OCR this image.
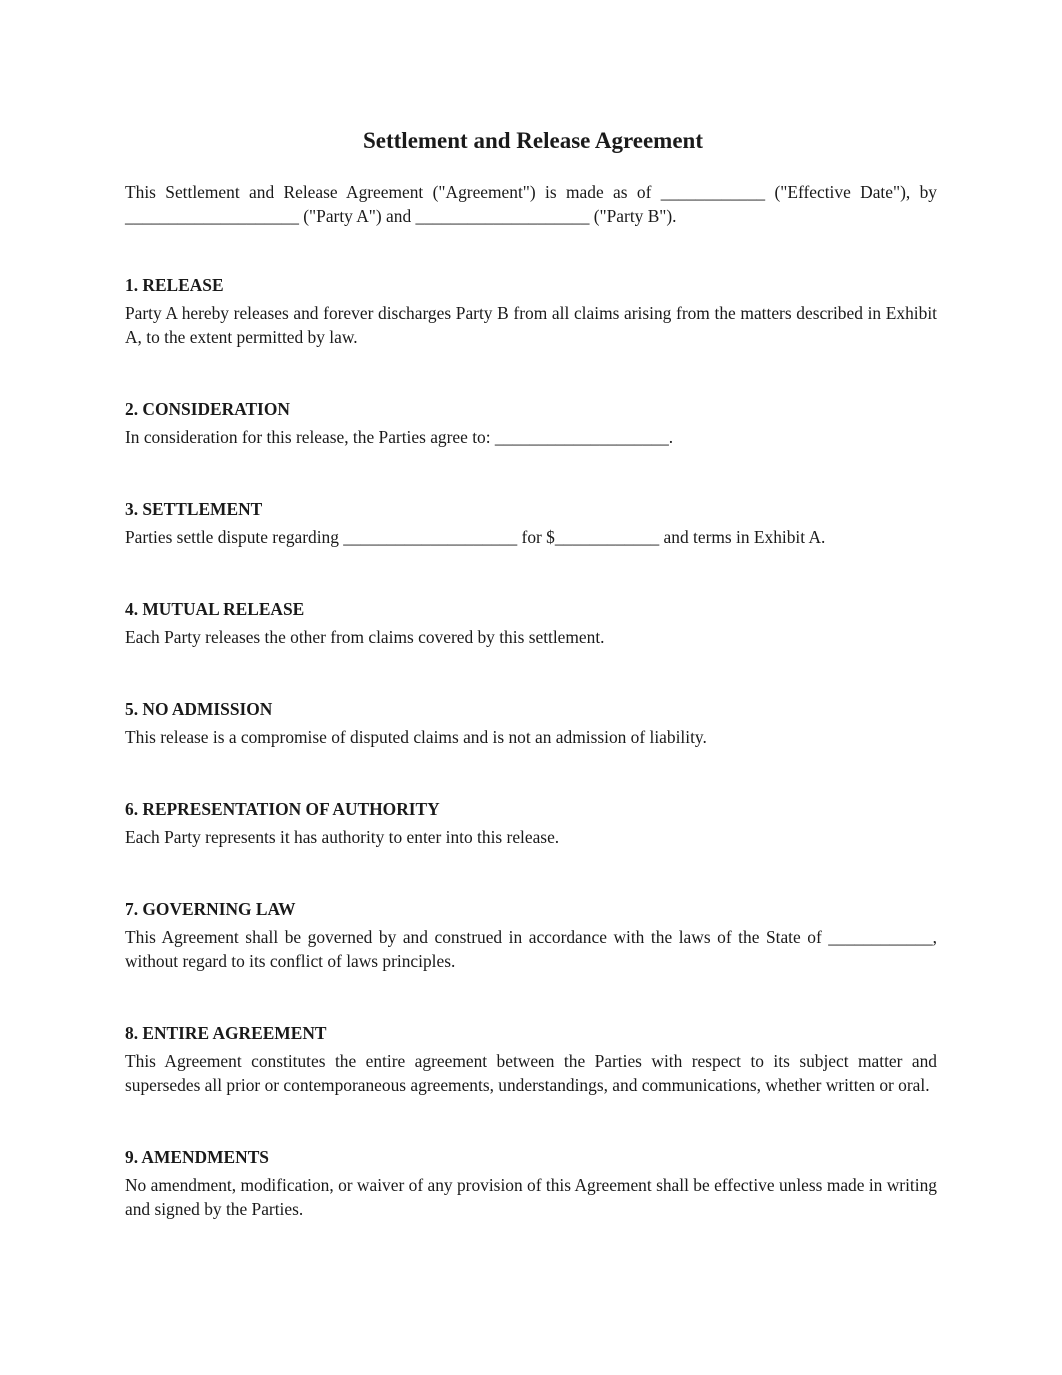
Settlement and Release Agreement

This Settlement and Release Agreement ("Agreement") is made as of ____________ ("Effective Date"), by ____________________ ("Party A") and ____________________ ("Party B").

1. RELEASE

Party A hereby releases and forever discharges Party B from all claims arising from the matters described in Exhibit A, to the extent permitted by law.

2. CONSIDERATION

In consideration for this release, the Parties agree to: ____________________.

3. SETTLEMENT

Parties settle dispute regarding ____________________ for $____________ and terms in Exhibit A.

4. MUTUAL RELEASE

Each Party releases the other from claims covered by this settlement.

5. NO ADMISSION

This release is a compromise of disputed claims and is not an admission of liability.

6. REPRESENTATION OF AUTHORITY

Each Party represents it has authority to enter into this release.

7. GOVERNING LAW

This Agreement shall be governed by and construed in accordance with the laws of the State of ____________, without regard to its conflict of laws principles.

8. ENTIRE AGREEMENT

This Agreement constitutes the entire agreement between the Parties with respect to its subject matter and supersedes all prior or contemporaneous agreements, understandings, and communications, whether written or oral.

9. AMENDMENTS

No amendment, modification, or waiver of any provision of this Agreement shall be effective unless made in writing and signed by the Parties.
